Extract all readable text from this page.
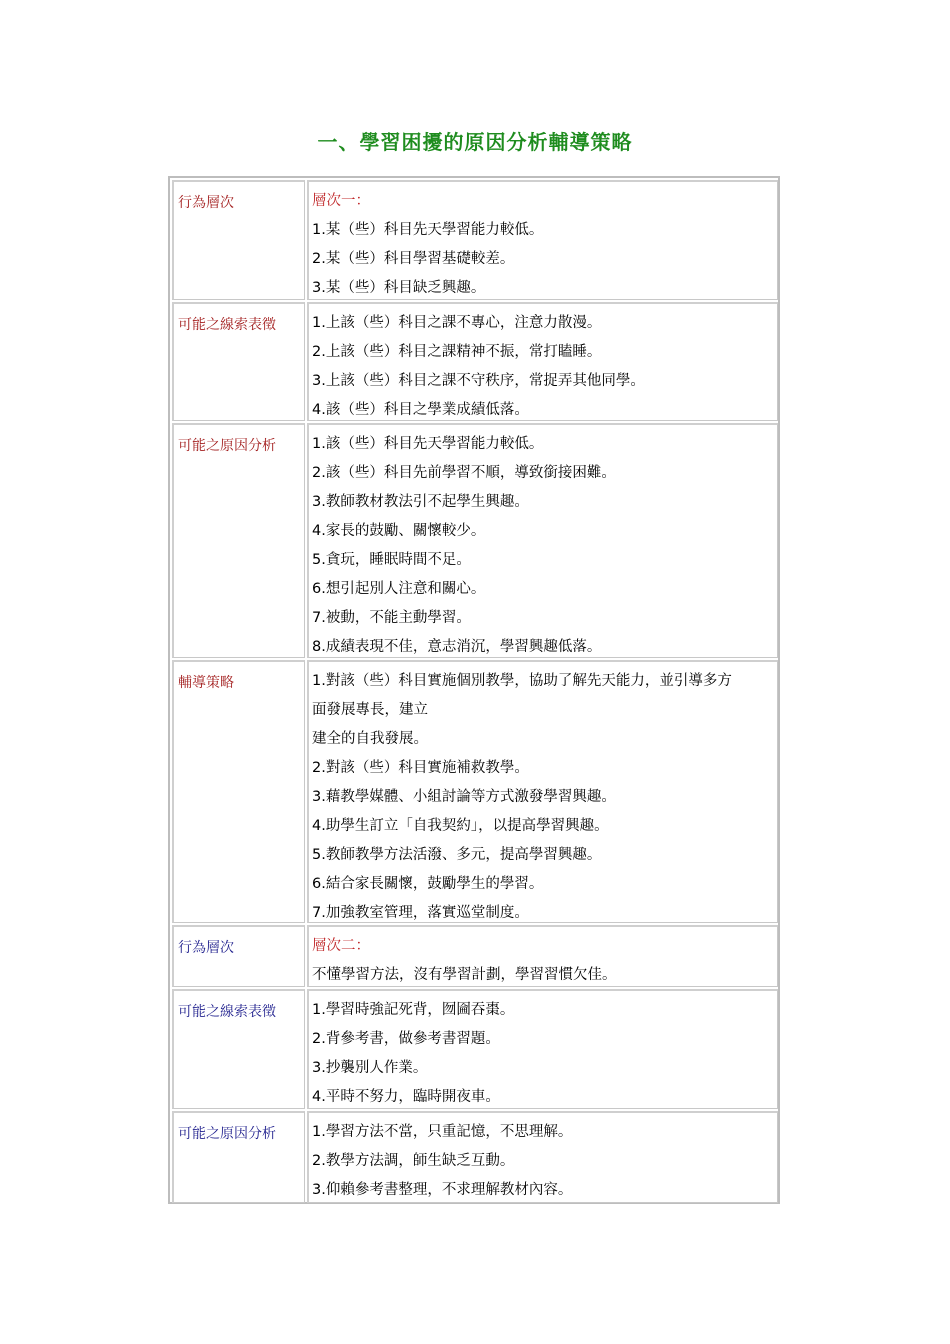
一、學習困擾的原因分析輔導策略
行為層次	層次一：
1.某（些）科目先天學習能力較低。
2.某（些）科目學習基礎較差。
3.某（些）科目缺乏興趣。
可能之線索表徵	1.上該（些）科目之課不專心，注意力散漫。
2.上該（些）科目之課精神不振，常打瞌睡。
3.上該（些）科目之課不守秩序，常捉弄其他同學。
4.該（些）科目之學業成績低落。
可能之原因分析	1.該（些）科目先天學習能力較低。
2.該（些）科目先前學習不順，導致銜接困難。
3.教師教材教法引不起學生興趣。
4.家長的鼓勵、關懷較少。
5.貪玩，睡眠時間不足。
6.想引起別人注意和關心。
7.被動，不能主動學習。
8.成績表現不佳，意志消沉，學習興趣低落。
輔導策略	1.對該（些）科目實施個別教學，協助了解先天能力，並引導多方
面發展專長，建立
建全的自我發展。
2.對該（些）科目實施補救教學。
3.藉教學媒體、小組討論等方式激發學習興趣。
4.助學生訂立「自我契約」，以提高學習興趣。
5.教師教學方法活潑、多元，提高學習興趣。
6.結合家長關懷，鼓勵學生的學習。
7.加強教室管理，落實巡堂制度。
行為層次	層次二：
不懂學習方法，沒有學習計劃，學習習慣欠佳。
可能之線索表徵	1.學習時強記死背，囫圇吞棗。
2.背參考書，做參考書習題。
3.抄襲別人作業。
4.平時不努力，臨時開夜車。
可能之原因分析	1.學習方法不當，只重記憶，不思理解。
2.教學方法調，師生缺乏互動。
3.仰賴參考書整理，不求理解教材內容。
